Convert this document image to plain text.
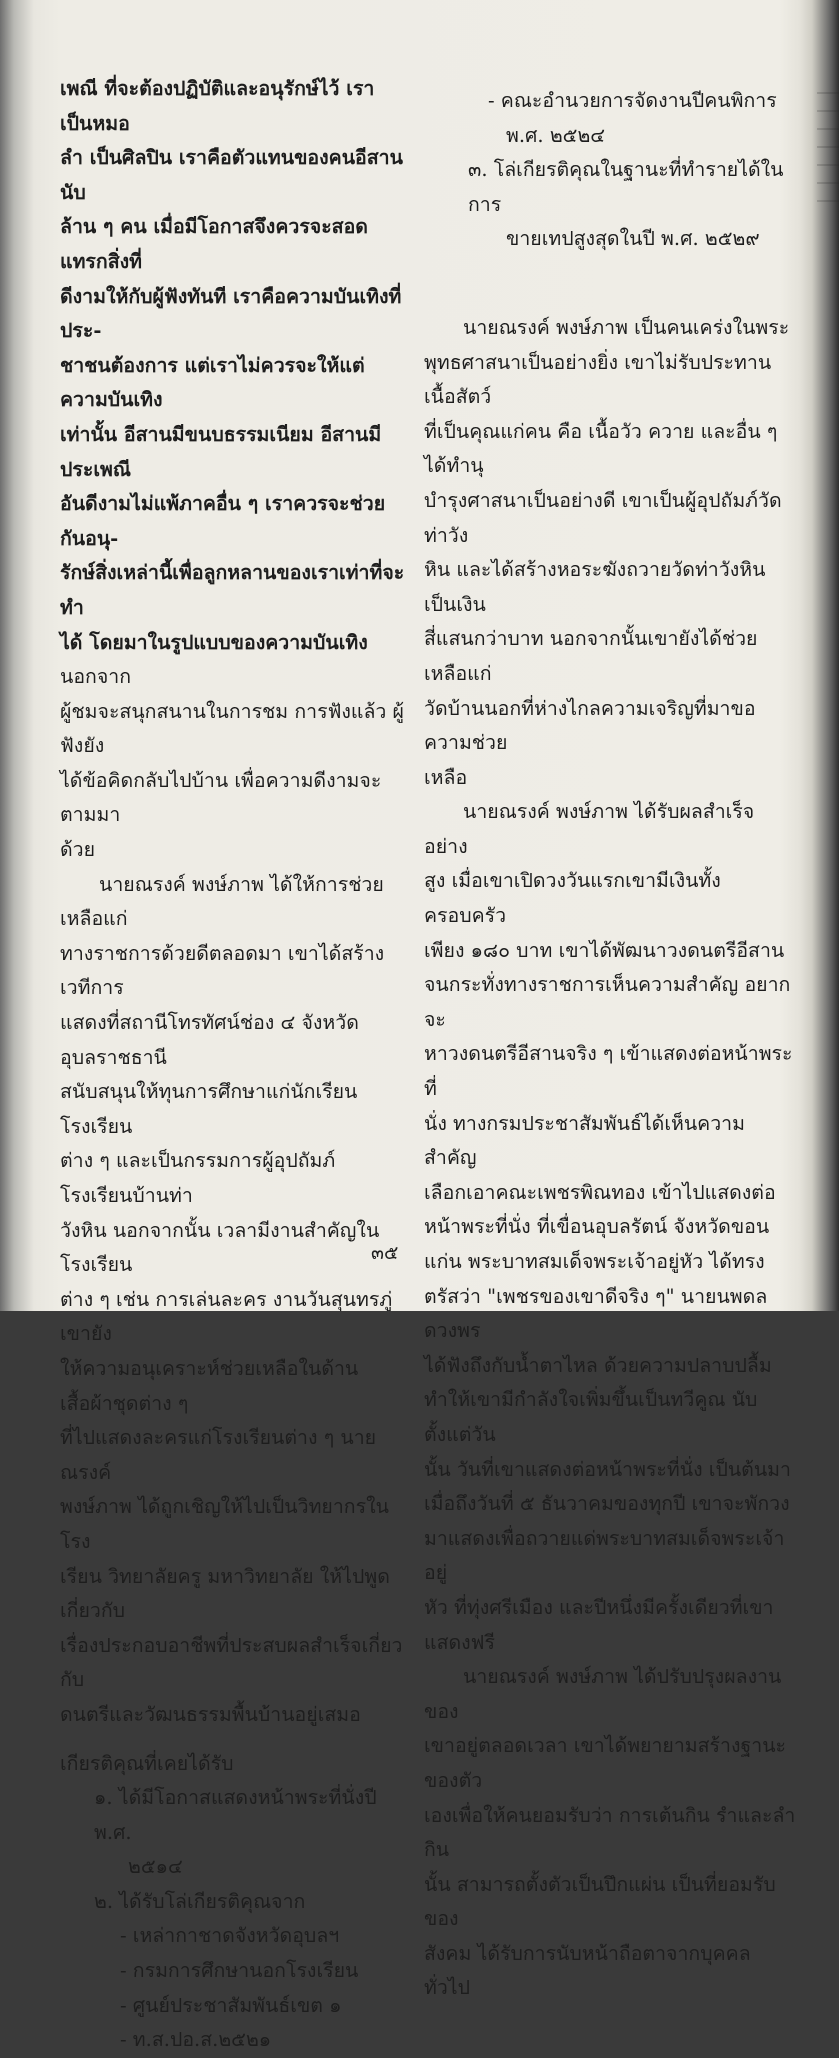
เพณี ที่จะต้องปฏิบัติและอนุรักษ์ไว้ เราเป็นหมอ

ลำ เป็นศิลปิน เราคือตัวแทนของคนอีสานนับ

ล้าน ๆ คน เมื่อมีโอกาสจึงควรจะสอดแทรกสิ่งที่

ดีงามให้กับผู้ฟังทันที เราคือความบันเทิงที่ประ-

ชาชนต้องการ แต่เราไม่ควรจะให้แต่ความบันเทิง

เท่านั้น อีสานมีขนบธรรมเนียม อีสานมีประเพณี

อันดีงามไม่แพ้ภาคอื่น ๆ เราควรจะช่วยกันอนุ-

รักษ์สิ่งเหล่านี้เพื่อลูกหลานของเราเท่าที่จะทำ

ได้ โดยมาในรูปแบบของความบันเทิง นอกจาก

ผู้ชมจะสนุกสนานในการชม การฟังแล้ว ผู้ฟังยัง

ได้ข้อคิดกลับไปบ้าน เพื่อความดีงามจะตามมา

ด้วย

นายณรงค์ พงษ์ภาพ ได้ให้การช่วยเหลือแก่

ทางราชการด้วยดีตลอดมา เขาได้สร้างเวทีการ

แสดงที่สถานีโทรทัศน์ช่อง ๔ จังหวัดอุบลราชธานี

สนับสนุนให้ทุนการศึกษาแก่นักเรียนโรงเรียน

ต่าง ๆ และเป็นกรรมการผู้อุปถัมภ์โรงเรียนบ้านท่า

วังหิน นอกจากนั้น เวลามีงานสำคัญในโรงเรียน

ต่าง ๆ เช่น การเล่นละคร งานวันสุนทรภู่ เขายัง

ให้ความอนุเคราะห์ช่วยเหลือในด้านเสื้อผ้าชุดต่าง ๆ

ที่ไปแสดงละครแก่โรงเรียนต่าง ๆ นายณรงค์

พงษ์ภาพ ได้ถูกเชิญให้ไปเป็นวิทยากรในโรง

เรียน วิทยาลัยครู มหาวิทยาลัย ให้ไปพูดเกี่ยวกับ

เรื่องประกอบอาชีพที่ประสบผลสำเร็จเกี่ยวกับ

ดนตรีและวัฒนธรรมพื้นบ้านอยู่เสมอ

เกียรติคุณที่เคยได้รับ

๑. ได้มีโอกาสแสดงหน้าพระที่นั่งปี พ.ศ.

๒๕๑๔

๒. ได้รับโล่เกียรติคุณจาก

- เหล่ากาชาดจังหวัดอุบลฯ

- กรมการศึกษานอกโรงเรียน

- ศูนย์ประชาสัมพันธ์เขต ๑

- ท.ส.ปอ.ส.๒๕๒๑

- คณะอำนวยการจัดงานปีคนพิการ

พ.ศ. ๒๕๒๔

๓. โล่เกียรติคุณในฐานะที่ทำรายได้ในการ

ขายเทปสูงสุดในปี พ.ศ. ๒๕๒๙

นายณรงค์ พงษ์ภาพ เป็นคนเคร่งในพระ

พุทธศาสนาเป็นอย่างยิ่ง เขาไม่รับประทานเนื้อสัตว์

ที่เป็นคุณแก่คน คือ เนื้อวัว ควาย และอื่น ๆ ได้ทำนุ

บำรุงศาสนาเป็นอย่างดี เขาเป็นผู้อุปถัมภ์วัดท่าวัง

หิน และได้สร้างหอระฆังถวายวัดท่าวังหินเป็นเงิน

สี่แสนกว่าบาท นอกจากนั้นเขายังได้ช่วยเหลือแก่

วัดบ้านนอกที่ห่างไกลความเจริญที่มาขอความช่วย

เหลือ

นายณรงค์ พงษ์ภาพ ได้รับผลสำเร็จอย่าง

สูง เมื่อเขาเปิดวงวันแรกเขามีเงินทั้งครอบครัว

เพียง ๑๘๐ บาท เขาได้พัฒนาวงดนตรีอีสาน

จนกระทั่งทางราชการเห็นความสำคัญ อยากจะ

หาวงดนตรีอีสานจริง ๆ เข้าแสดงต่อหน้าพระที่

นั่ง ทางกรมประชาสัมพันธ์ได้เห็นความสำคัญ

เลือกเอาคณะเพชรพิณทอง เข้าไปแสดงต่อ

หน้าพระที่นั่ง ที่เขื่อนอุบลรัตน์ จังหวัดขอน

แก่น พระบาทสมเด็จพระเจ้าอยู่หัว ได้ทรง

ตรัสว่า "เพชรของเขาดีจริง ๆ" นายนพดล ดวงพร

ได้ฟังถึงกับน้ำตาไหล ด้วยความปลาบปลื้ม

ทำให้เขามีกำลังใจเพิ่มขึ้นเป็นทวีคูณ นับตั้งแต่วัน

นั้น วันที่เขาแสดงต่อหน้าพระที่นั่ง เป็นต้นมา

เมื่อถึงวันที่ ๕ ธันวาคมของทุกปี เขาจะพักวง

มาแสดงเพื่อถวายแด่พระบาทสมเด็จพระเจ้าอยู่

หัว ที่ทุ่งศรีเมือง และปีหนึ่งมีครั้งเดียวที่เขาแสดงฟรี

นายณรงค์ พงษ์ภาพ ได้ปรับปรุงผลงานของ

เขาอยู่ตลอดเวลา เขาได้พยายามสร้างฐานะของตัว

เองเพื่อให้คนยอมรับว่า การเต้นกิน รำและลำกิน

นั้น สามารถตั้งตัวเป็นปึกแผ่น เป็นที่ยอมรับของ

สังคม ได้รับการนับหน้าถือตาจากบุคคลทั่วไป

๓๕
